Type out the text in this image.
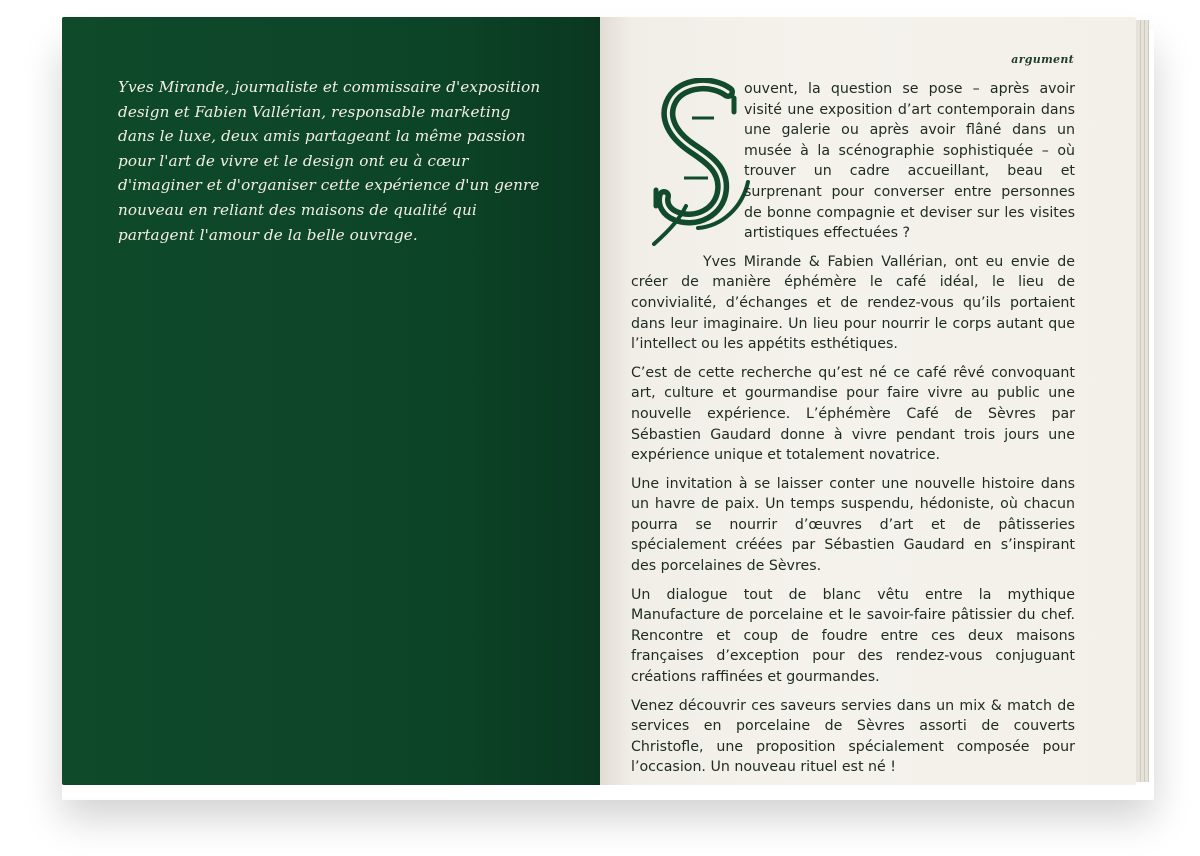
Yves Mirande, journaliste et commissaire d'exposition design et Fabien Vallérian, responsable marketing dans le luxe, deux amis partageant la même passion pour l'art de vivre et le design ont eu à cœur d'imaginer et d'organiser cette expérience d'un genre nouveau en reliant des maisons de qualité qui partagent l'amour de la belle ouvrage.

argument

ouvent, la question se pose – après avoir visité une exposition d’art contemporain dans une galerie ou après avoir flâné dans un musée à la scénographie sophistiquée – où trouver un cadre accueillant, beau et surprenant pour converser entre personnes de bonne compagnie et deviser sur les visites artistiques effectuées ?

Yves Mirande & Fabien Vallérian, ont eu envie de créer de manière éphémère le café idéal, le lieu de convivialité, d’échanges et de rendez-vous qu’ils portaient dans leur imaginaire. Un lieu pour nourrir le corps autant que l’intellect ou les appétits esthétiques.

C’est de cette recherche qu’est né ce café rêvé convoquant art, culture et gourmandise pour faire vivre au public une nouvelle expérience. L’éphémère Café de Sèvres par Sébastien Gaudard donne à vivre pendant trois jours une expérience unique et totalement novatrice.

Une invitation à se laisser conter une nouvelle histoire dans un havre de paix. Un temps suspendu, hédoniste, où chacun pourra se nourrir d’œuvres d’art et de pâtisseries spécialement créées par Sébastien Gaudard en s’inspirant des porcelaines de Sèvres.

Un dialogue tout de blanc vêtu entre la mythique Manufacture de porcelaine et le savoir-faire pâtissier du chef. Rencontre et coup de foudre entre ces deux maisons françaises d’exception pour des rendez-vous conjuguant créations raffinées et gourmandes.

Venez découvrir ces saveurs servies dans un mix & match de services en porcelaine de Sèvres assorti de couverts Christofle, une proposition spécialement composée pour l’occasion. Un nouveau rituel est né !
